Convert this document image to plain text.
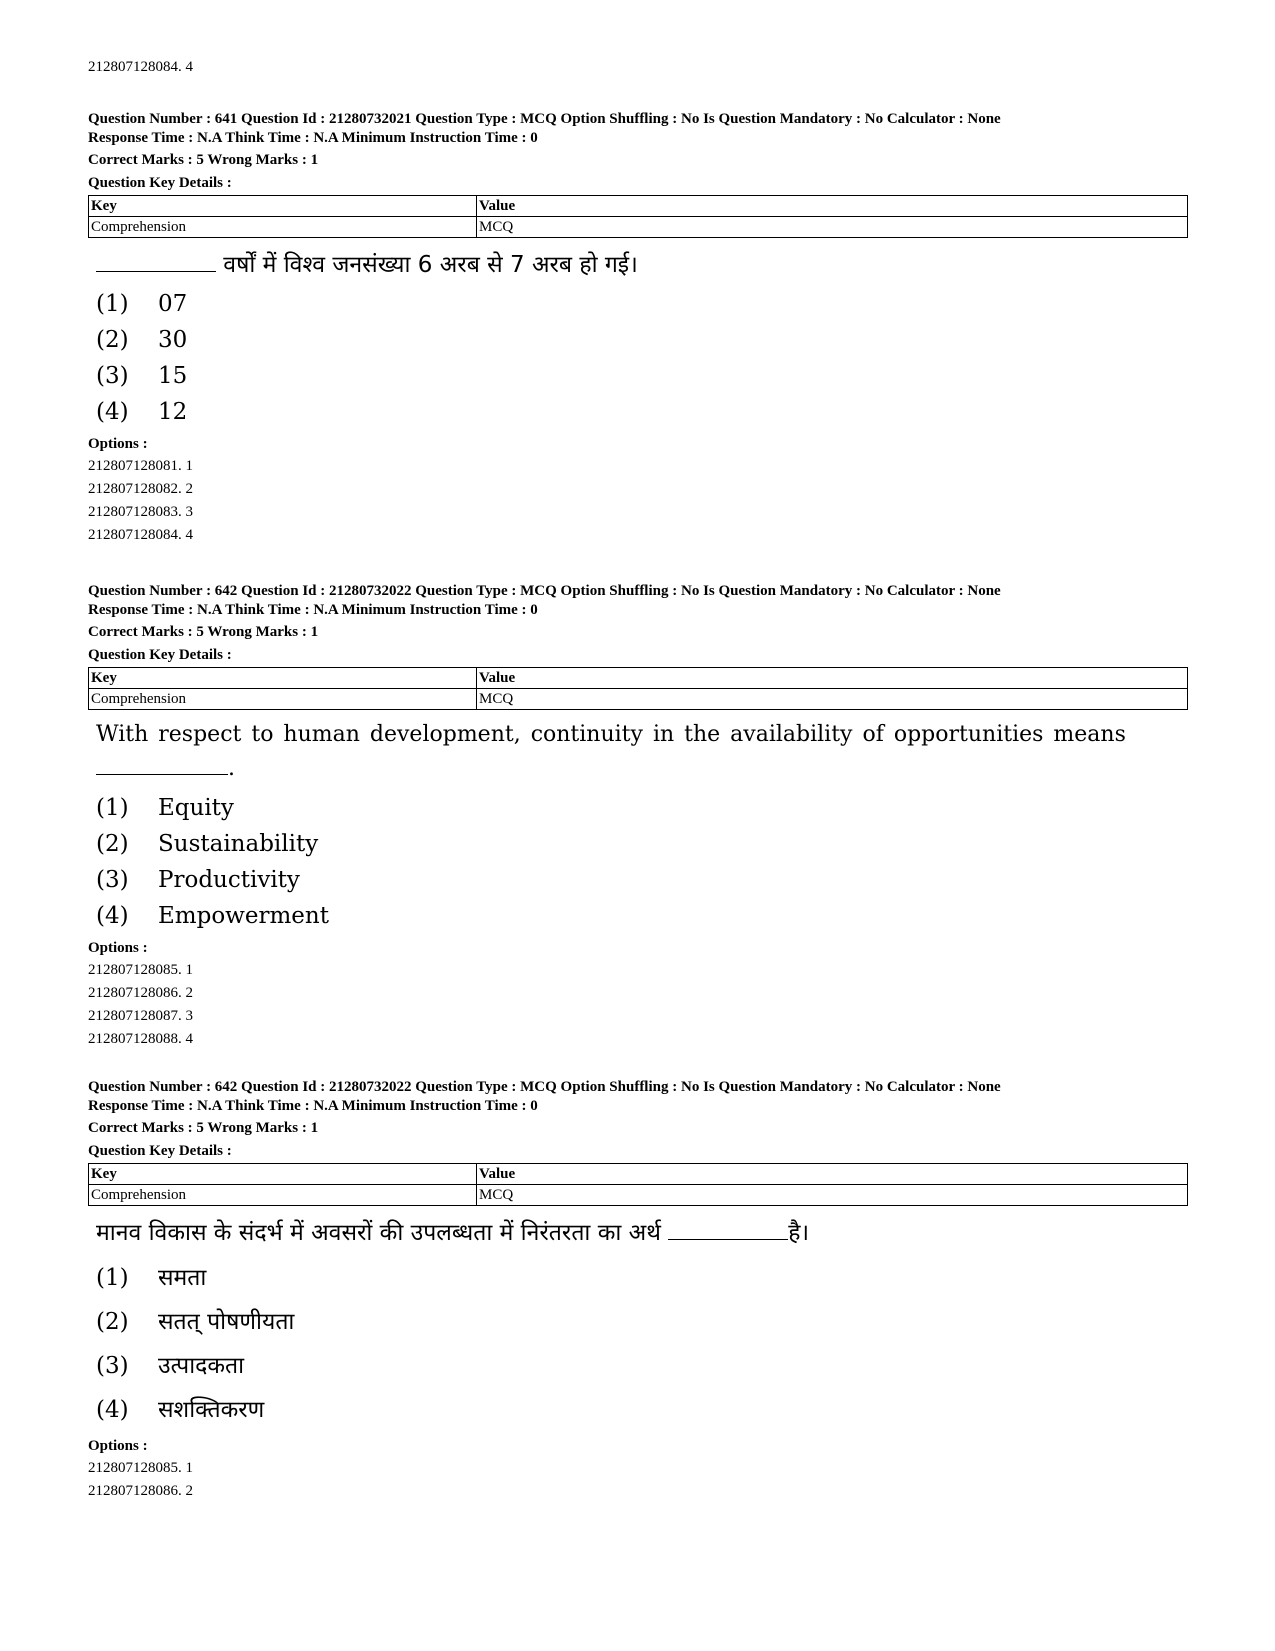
212807128084. 4
Question Number : 641 Question Id : 21280732021 Question Type : MCQ Option Shuffling : No Is Question Mandatory : No Calculator : None
Response Time : N.A Think Time : N.A Minimum Instruction Time : 0
Correct Marks : 5 Wrong Marks : 1
Question Key Details :
Key	Value
Comprehension	MCQ
वर्षों में विश्व जनसंख्या 6 अरब से 7 अरब हो गई।
(1) 07
(2) 30
(3) 15
(4) 12
Options :
212807128081. 1
212807128082. 2
212807128083. 3
212807128084. 4
Question Number : 642 Question Id : 21280732022 Question Type : MCQ Option Shuffling : No Is Question Mandatory : No Calculator : None
Response Time : N.A Think Time : N.A Minimum Instruction Time : 0
Correct Marks : 5 Wrong Marks : 1
Question Key Details :
Key	Value
Comprehension	MCQ
With respect to human development, continuity in the availability of opportunities means
.
(1) Equity
(2) Sustainability
(3) Productivity
(4) Empowerment
Options :
212807128085. 1
212807128086. 2
212807128087. 3
212807128088. 4
Question Number : 642 Question Id : 21280732022 Question Type : MCQ Option Shuffling : No Is Question Mandatory : No Calculator : None
Response Time : N.A Think Time : N.A Minimum Instruction Time : 0
Correct Marks : 5 Wrong Marks : 1
Question Key Details :
Key	Value
Comprehension	MCQ
मानव विकास के संदर्भ में अवसरों की उपलब्धता में निरंतरता का अर्थ	है।
(1) समता
(2) सतत् पोषणीयता
(3) उत्पादकता
(4) सशक्तिकरण
Options :
212807128085. 1
212807128086. 2
